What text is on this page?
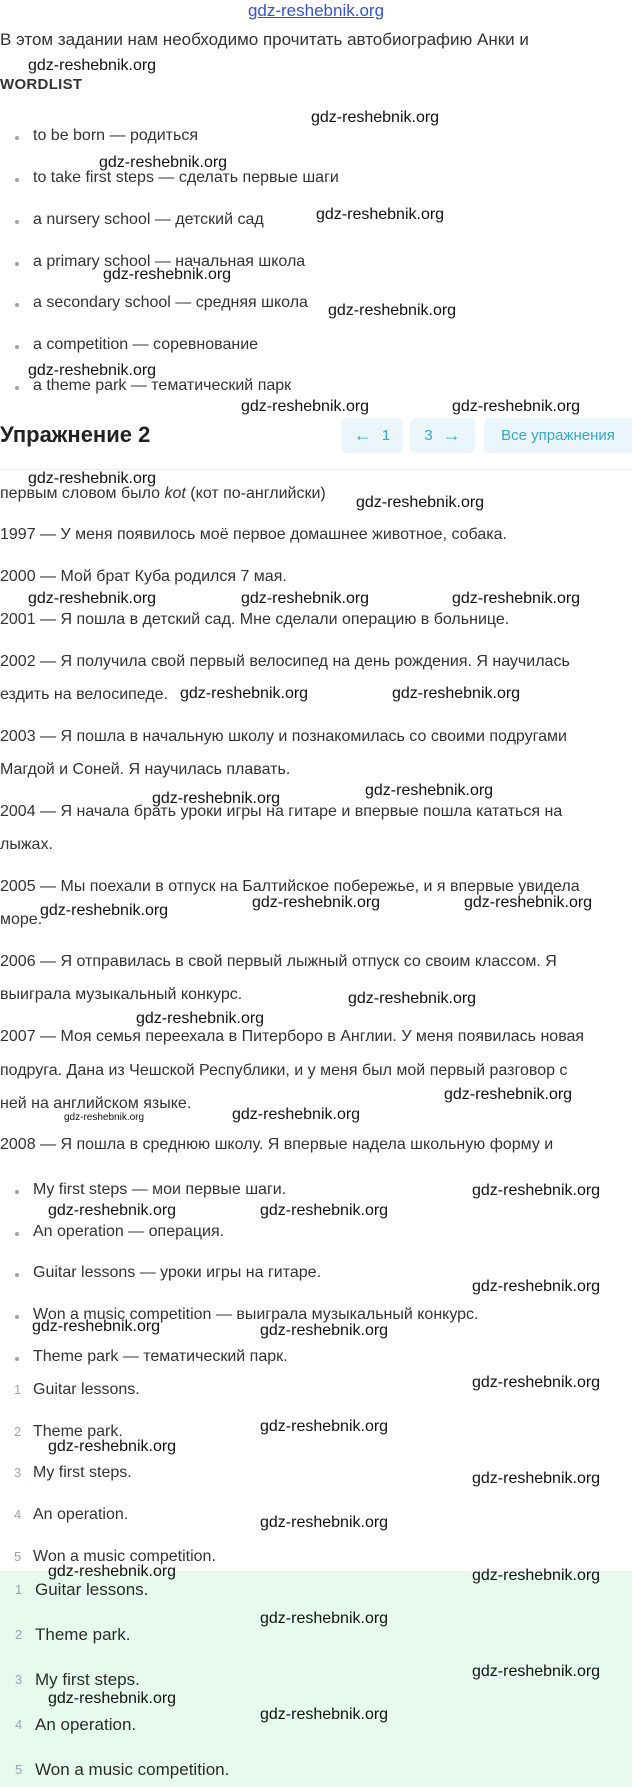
gdz-reshebnik.org
В этом задании нам необходимо прочитать автобиографию Анки и
WORDLIST
to be born — родиться
to take first steps — сделать первые шаги
a nursery school — детский сад
a primary school — начальная школа
a secondary school — средняя школа
a competition — соревнование
a theme park — тематический парк

первым словом было kot (кот по-английски)

1997 — У меня появилось моё первое домашнее животное, собака.

2000 — Мой брат Куба родился 7 мая.

2001 — Я пошла в детский сад. Мне сделали операцию в больнице.

2002 — Я получила свой первый велосипед на день рождения. Я научилась

ездить на велосипеде.

2003 — Я пошла в начальную школу и познакомилась со своими подругами

Магдой и Соней. Я научилась плавать.

2004 — Я начала брать уроки игры на гитаре и впервые пошла кататься на

лыжах.

2005 — Мы поехали в отпуск на Балтийское побережье, и я впервые увидела

море.

2006 — Я отправилась в свой первый лыжный отпуск со своим классом. Я

выиграла музыкальный конкурс.

2007 — Моя семья переехала в Питерборо в Англии. У меня появилась новая

подруга. Дана из Чешской Республики, и у меня был мой первый разговор с

ней на английском языке.

2008 — Я пошла в среднюю школу. Я впервые надела школьную форму и

Упражнение 2	← 1 3 →	Все упражнения
My first steps — мои первые шаги.
An operation — операция.
Guitar lessons — уроки игры на гитаре.
Won a music competition — выиграла музыкальный конкурс.
Theme park — тематический парк.
1 Guitar lessons.
2 Theme park.
3 My first steps.
4 An operation.
5 Won a music competition.
1 Guitar lessons.
2 Theme park.
3 My first steps.
4 An operation.
5 Won a music competition.
gdz-reshebnik.org
gdz-reshebnik.org
gdz-reshebnik.org
gdz-reshebnik.org
gdz-reshebnik.org
gdz-reshebnik.org
gdz-reshebnik.org
gdz-reshebnik.org	gdz-reshebnik.org
gdz-reshebnik.org
gdz-reshebnik.org
gdz-reshebnik.org	gdz-reshebnik.org	gdz-reshebnik.org
gdz-reshebnik.org	gdz-reshebnik.org
gdz-reshebnik.org	gdz-reshebnik.org
gdz-reshebnik.org	gdz-reshebnik.org	gdz-reshebnik.org
gdz-reshebnik.org
gdz-reshebnik.org
gdz-reshebnik.org
gdz-reshebnik.org	gdz-reshebnik.org
gdz-reshebnik.org
gdz-reshebnik.org	gdz-reshebnik.org
gdz-reshebnik.org
gdz-reshebnik.org	gdz-reshebnik.org
gdz-reshebnik.org
gdz-reshebnik.org
gdz-reshebnik.org
gdz-reshebnik.org
gdz-reshebnik.org
gdz-reshebnik.org	gdz-reshebnik.org
gdz-reshebnik.org
gdz-reshebnik.org
gdz-reshebnik.org
gdz-reshebnik.org
